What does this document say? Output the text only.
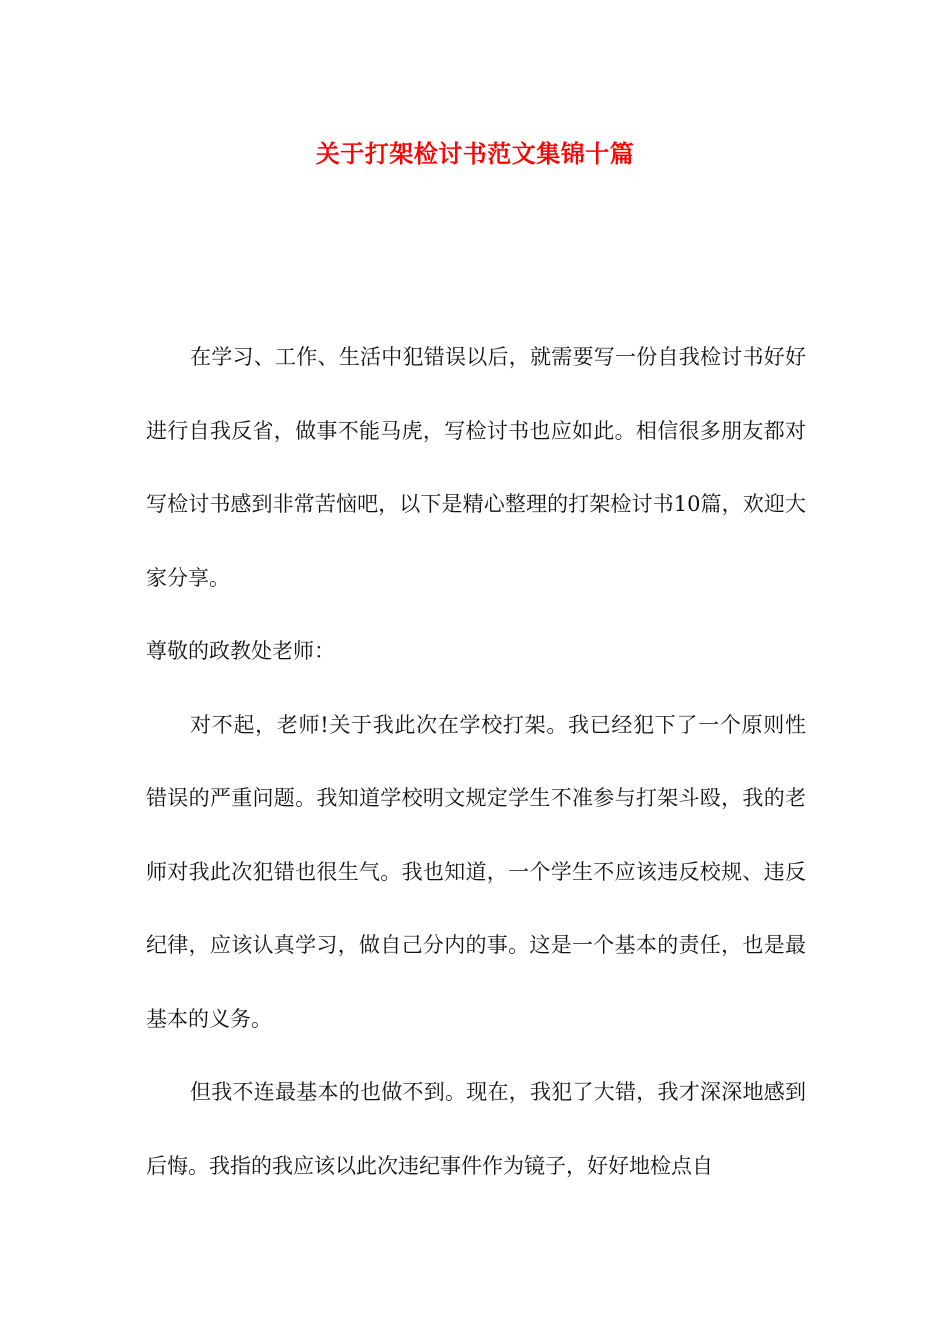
关于打架检讨书范文集锦十篇

在学习、工作、生活中犯错误以后，就需要写一份自我检讨书好好进行自我反省，做事不能马虎，写检讨书也应如此。相信很多朋友都对写检讨书感到非常苦恼吧，以下是精心整理的打架检讨书10篇，欢迎大家分享。

尊敬的政教处老师：

对不起，老师!关于我此次在学校打架。我已经犯下了一个原则性错误的严重问题。我知道学校明文规定学生不准参与打架斗殴，我的老师对我此次犯错也很生气。我也知道，一个学生不应该违反校规、违反纪律，应该认真学习，做自己分内的事。这是一个基本的责任，也是最基本的义务。

但我不连最基本的也做不到。现在，我犯了大错，我才深深地感到后悔。我指的我应该以此次违纪事件作为镜子，好好地检点自
